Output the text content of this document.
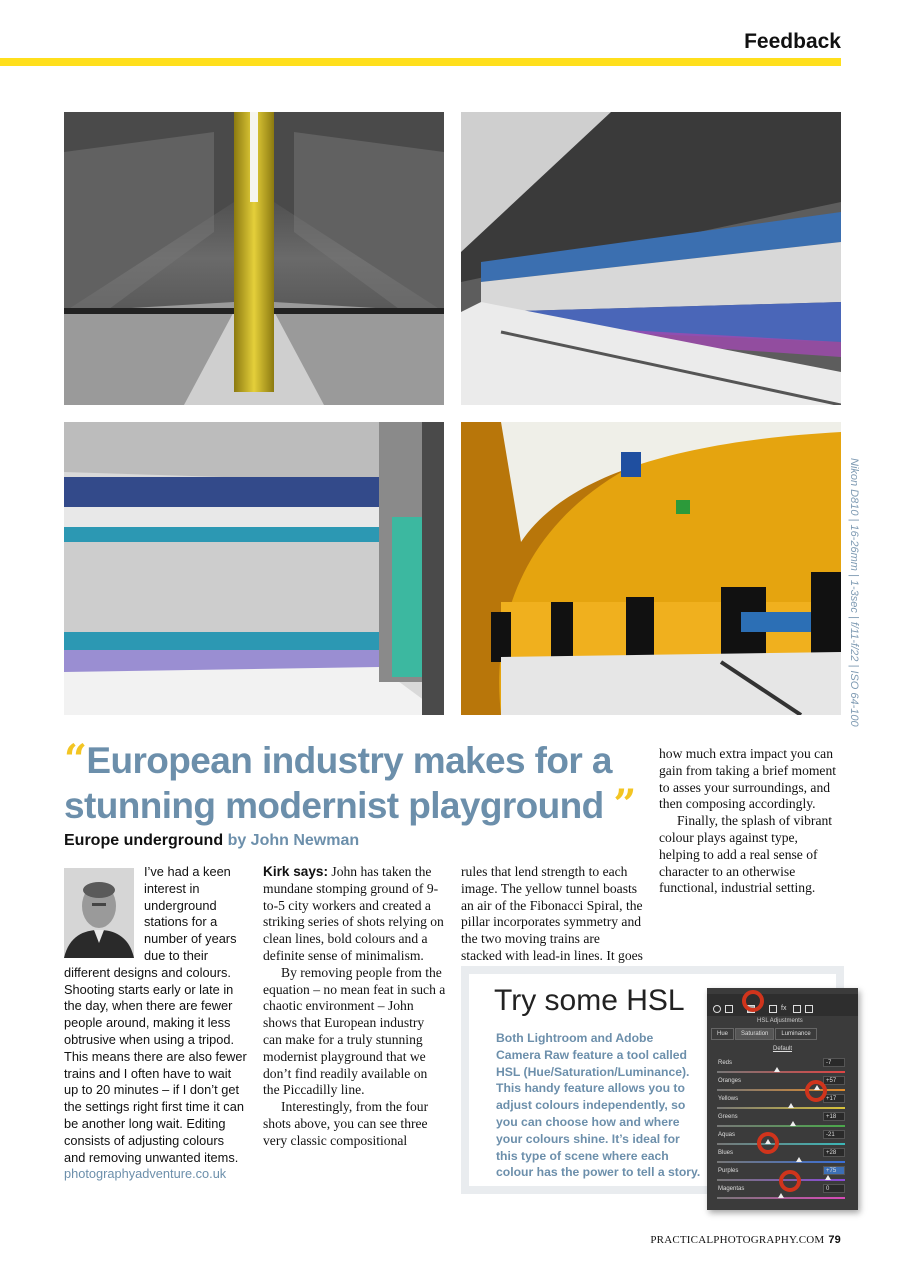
Feedback
Nikon D810 | 16-26mm | 1-3sec | f/11-f/22 | ISO 64-100
“European industry makes for a stunning modernist playground ”
Europe underground by John Newman
I’ve had a keen interest in underground stations for a number of years due to their different designs and colours. Shooting starts early or late in the day, when there are fewer people around, making it less obtrusive when using a tripod. This means there are also fewer trains and I often have to wait up to 20 minutes – if I don’t get the settings right first time it can be another long wait. Editing consists of adjusting colours and removing unwanted items. photographyadventure.co.uk

Kirk says: John has taken the mundane stomping ground of 9-to-5 city workers and created a striking series of shots relying on clean lines, bold colours and a definite sense of minimalism.

By removing people from the equation – no mean feat in such a chaotic environment – John shows that European industry can make for a truly stunning modernist playground that we don’t find readily available on the Piccadilly line.

Interestingly, from the four shots above, you can see three very classic compositional

rules that lend strength to each image. The yellow tunnel boasts an air of the Fibonacci Spiral, the pillar incorporates symmetry and the two moving trains are stacked with lead-in lines. It goes

how much extra impact you can gain from taking a brief moment to asses your surroundings, and then composing accordingly.

Finally, the splash of vibrant colour plays against type, helping to add a real sense of character to an otherwise functional, industrial setting.

Try some HSL
Both Lightroom and Adobe Camera Raw feature a tool called HSL (Hue/Saturation/Luminance). This handy feature allows you to adjust colours independently, so you can choose how and where your colours shine. It’s ideal for this type of scene where each colour has the power to tell a story.
fx
HSL Adjustments
Hue Saturation Luminance
Default
Reds	-7
Oranges	+57
Yellows	+17
Greens	+18
Aquas	-21
Blues	+28
Purples	+75
Magentas	0
PRACTICALPHOTOGRAPHY.COM 79
